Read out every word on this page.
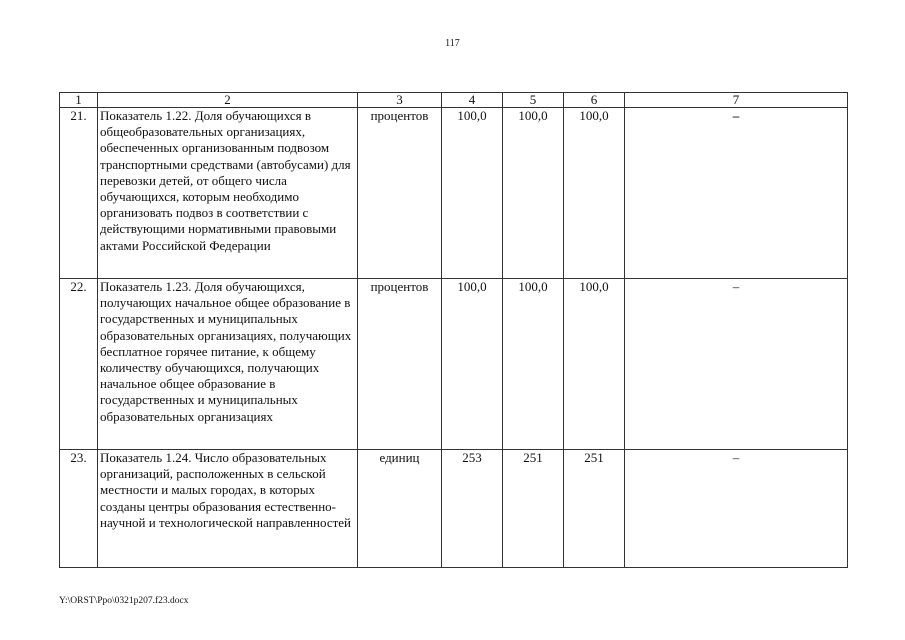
117
1	2	3	4	5	6	7
21.	Показатель 1.22. Доля обучающихся в общеобразовательных организациях, обеспеченных организованным подвозом транспортными средствами (автобусами) для перевозки детей, от общего числа обучающихся, которым необходимо организовать подвоз в соответствии с действующими нормативными правовыми актами Российской Федерации	процентов	100,0	100,0	100,0	–
22.	Показатель 1.23. Доля обучающихся, получающих начальное общее образование в государственных и муниципальных образовательных организациях, получающих бесплатное горячее питание, к общему количеству обучающихся, получающих начальное общее образование в государственных и муниципальных образовательных организациях	процентов	100,0	100,0	100,0	–
23.	Показатель 1.24. Число образовательных организаций, расположенных в сельской местности и малых городах, в которых созданы центры образования естественно-научной и технологической направленностей	единиц	253	251	251	–
Y:\ORST\Ppo\0321p207.f23.docx
